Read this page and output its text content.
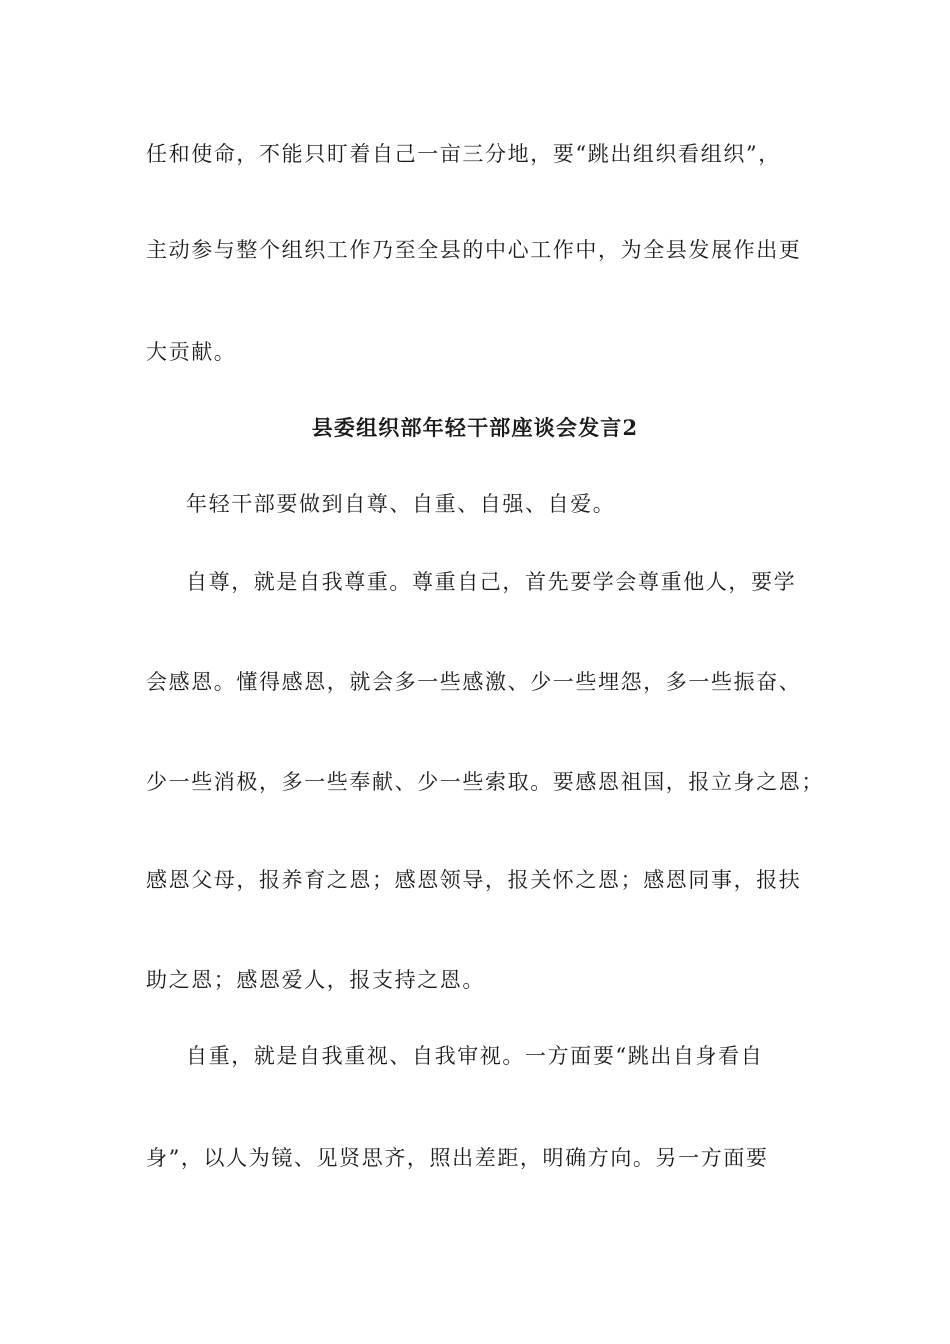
任和使命，不能只盯着自己一亩三分地，要“跳出组织看组织”，
主动参与整个组织工作乃至全县的中心工作中，为全县发展作出更
大贡献。
县委组织部年轻干部座谈会发言2
年轻干部要做到自尊、自重、自强、自爱。
自尊，就是自我尊重。尊重自己，首先要学会尊重他人，要学
会感恩。懂得感恩，就会多一些感激、少一些埋怨，多一些振奋、
少一些消极，多一些奉献、少一些索取。要感恩祖国，报立身之恩；
感恩父母，报养育之恩；感恩领导，报关怀之恩；感恩同事，报扶
助之恩；感恩爱人，报支持之恩。
自重，就是自我重视、自我审视。一方面要“跳出自身看自
身”，以人为镜、见贤思齐，照出差距，明确方向。另一方面要
